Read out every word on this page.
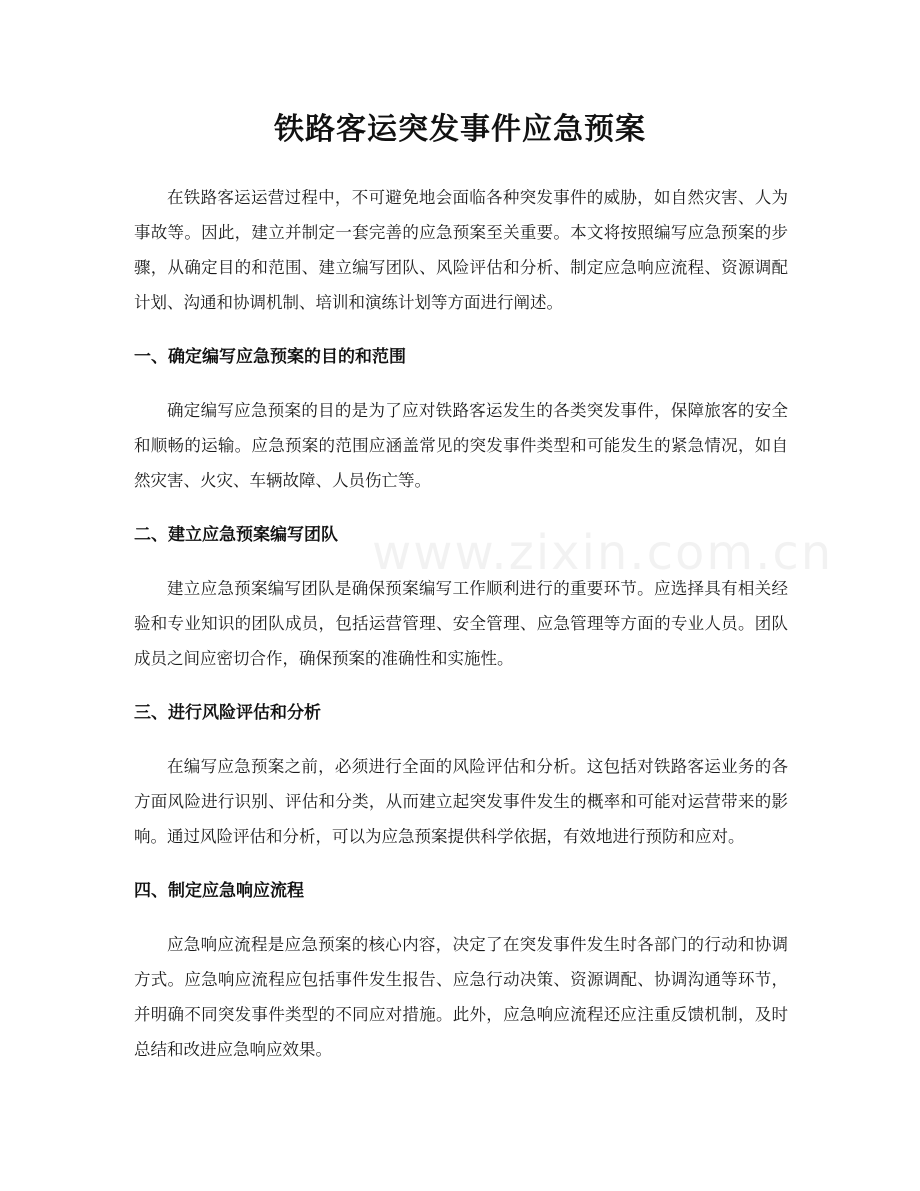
铁路客运突发事件应急预案

在铁路客运运营过程中，不可避免地会面临各种突发事件的威胁，如自然灾害、人为事故等。因此，建立并制定一套完善的应急预案至关重要。本文将按照编写应急预案的步骤，从确定目的和范围、建立编写团队、风险评估和分析、制定应急响应流程、资源调配计划、沟通和协调机制、培训和演练计划等方面进行阐述。

一、确定编写应急预案的目的和范围

确定编写应急预案的目的是为了应对铁路客运发生的各类突发事件，保障旅客的安全和顺畅的运输。应急预案的范围应涵盖常见的突发事件类型和可能发生的紧急情况，如自然灾害、火灾、车辆故障、人员伤亡等。

二、建立应急预案编写团队

建立应急预案编写团队是确保预案编写工作顺利进行的重要环节。应选择具有相关经验和专业知识的团队成员，包括运营管理、安全管理、应急管理等方面的专业人员。团队成员之间应密切合作，确保预案的准确性和实施性。

三、进行风险评估和分析

在编写应急预案之前，必须进行全面的风险评估和分析。这包括对铁路客运业务的各方面风险进行识别、评估和分类，从而建立起突发事件发生的概率和可能对运营带来的影响。通过风险评估和分析，可以为应急预案提供科学依据，有效地进行预防和应对。

四、制定应急响应流程

应急响应流程是应急预案的核心内容，决定了在突发事件发生时各部门的行动和协调方式。应急响应流程应包括事件发生报告、应急行动决策、资源调配、协调沟通等环节，并明确不同突发事件类型的不同应对措施。此外，应急响应流程还应注重反馈机制，及时总结和改进应急响应效果。

www.zixin.com.cn
